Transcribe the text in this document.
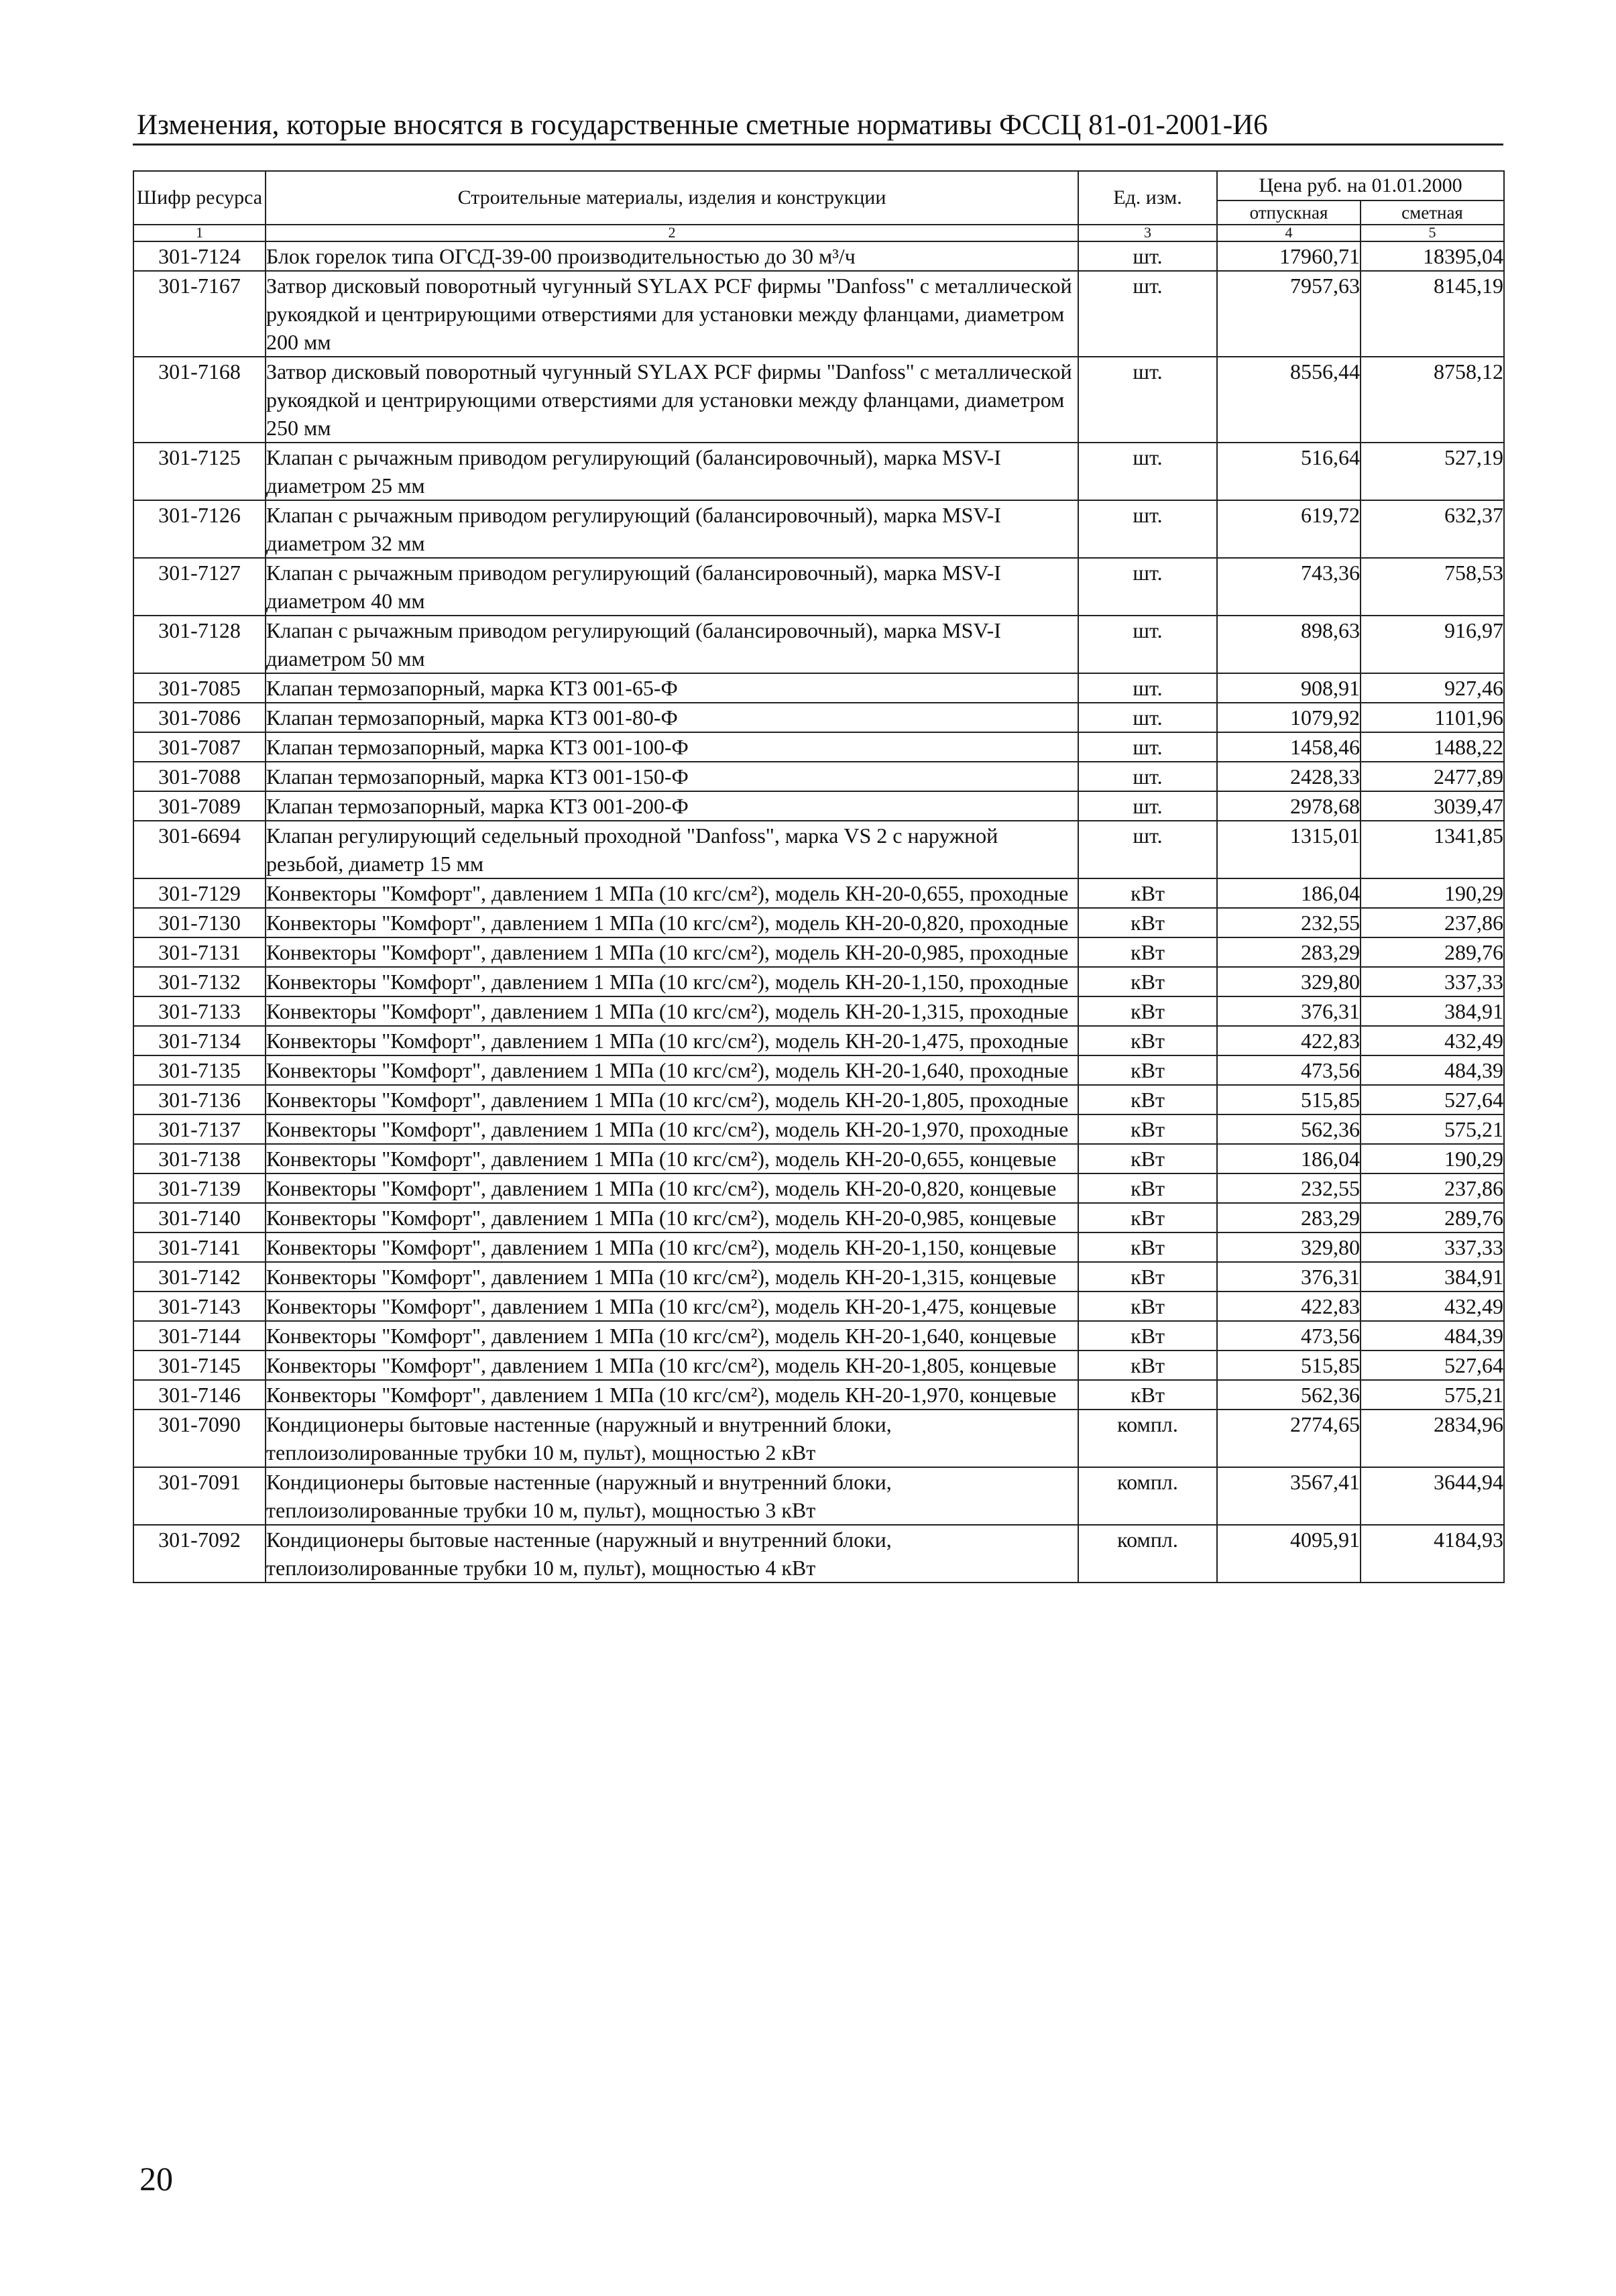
Изменения, которые вносятся в государственные сметные нормативы ФССЦ 81-01-2001-И6
Шифр ресурса	Строительные материалы, изделия и конструкции	Ед. изм.	Цена руб. на 01.01.2000	
			отпускная	сметная
1	2	3	4	5
301-7124	Блок горелок типа ОГСД-39-00 производительностью до 30 м³/ч	шт.	17960,71	18395,04
301-7167	Затвор дисковый поворотный чугунный SYLAX PCF фирмы "Danfoss" с металлической рукоядкой и центрирующими отверстиями для установки между фланцами, диаметром 200 мм	шт.	7957,63	8145,19
301-7168	Затвор дисковый поворотный чугунный SYLAX PCF фирмы "Danfoss" с металлической рукоядкой и центрирующими отверстиями для установки между фланцами, диаметром 250 мм	шт.	8556,44	8758,12
301-7125	Клапан с рычажным приводом регулирующий (балансировочный), марка MSV-I диаметром 25 мм	шт.	516,64	527,19
301-7126	Клапан с рычажным приводом регулирующий (балансировочный), марка MSV-I диаметром 32 мм	шт.	619,72	632,37
301-7127	Клапан с рычажным приводом регулирующий (балансировочный), марка MSV-I диаметром 40 мм	шт.	743,36	758,53
301-7128	Клапан с рычажным приводом регулирующий (балансировочный), марка MSV-I диаметром 50 мм	шт.	898,63	916,97
301-7085	Клапан термозапорный, марка КТЗ 001-65-Ф	шт.	908,91	927,46
301-7086	Клапан термозапорный, марка КТЗ 001-80-Ф	шт.	1079,92	1101,96
301-7087	Клапан термозапорный, марка КТЗ 001-100-Ф	шт.	1458,46	1488,22
301-7088	Клапан термозапорный, марка КТЗ 001-150-Ф	шт.	2428,33	2477,89
301-7089	Клапан термозапорный, марка КТЗ 001-200-Ф	шт.	2978,68	3039,47
301-6694	Клапан регулирующий седельный проходной "Danfoss", марка VS 2 с наружной резьбой, диаметр 15 мм	шт.	1315,01	1341,85
301-7129	Конвекторы "Комфорт", давлением 1 МПа (10 кгс/см²), модель КН-20-0,655, проходные	кВт	186,04	190,29
301-7130	Конвекторы "Комфорт", давлением 1 МПа (10 кгс/см²), модель КН-20-0,820, проходные	кВт	232,55	237,86
301-7131	Конвекторы "Комфорт", давлением 1 МПа (10 кгс/см²), модель КН-20-0,985, проходные	кВт	283,29	289,76
301-7132	Конвекторы "Комфорт", давлением 1 МПа (10 кгс/см²), модель КН-20-1,150, проходные	кВт	329,80	337,33
301-7133	Конвекторы "Комфорт", давлением 1 МПа (10 кгс/см²), модель КН-20-1,315, проходные	кВт	376,31	384,91
301-7134	Конвекторы "Комфорт", давлением 1 МПа (10 кгс/см²), модель КН-20-1,475, проходные	кВт	422,83	432,49
301-7135	Конвекторы "Комфорт", давлением 1 МПа (10 кгс/см²), модель КН-20-1,640, проходные	кВт	473,56	484,39
301-7136	Конвекторы "Комфорт", давлением 1 МПа (10 кгс/см²), модель КН-20-1,805, проходные	кВт	515,85	527,64
301-7137	Конвекторы "Комфорт", давлением 1 МПа (10 кгс/см²), модель КН-20-1,970, проходные	кВт	562,36	575,21
301-7138	Конвекторы "Комфорт", давлением 1 МПа (10 кгс/см²), модель КН-20-0,655, концевые	кВт	186,04	190,29
301-7139	Конвекторы "Комфорт", давлением 1 МПа (10 кгс/см²), модель КН-20-0,820, концевые	кВт	232,55	237,86
301-7140	Конвекторы "Комфорт", давлением 1 МПа (10 кгс/см²), модель КН-20-0,985, концевые	кВт	283,29	289,76
301-7141	Конвекторы "Комфорт", давлением 1 МПа (10 кгс/см²), модель КН-20-1,150, концевые	кВт	329,80	337,33
301-7142	Конвекторы "Комфорт", давлением 1 МПа (10 кгс/см²), модель КН-20-1,315, концевые	кВт	376,31	384,91
301-7143	Конвекторы "Комфорт", давлением 1 МПа (10 кгс/см²), модель КН-20-1,475, концевые	кВт	422,83	432,49
301-7144	Конвекторы "Комфорт", давлением 1 МПа (10 кгс/см²), модель КН-20-1,640, концевые	кВт	473,56	484,39
301-7145	Конвекторы "Комфорт", давлением 1 МПа (10 кгс/см²), модель КН-20-1,805, концевые	кВт	515,85	527,64
301-7146	Конвекторы "Комфорт", давлением 1 МПа (10 кгс/см²), модель КН-20-1,970, концевые	кВт	562,36	575,21
301-7090	Кондиционеры бытовые настенные (наружный и внутренний блоки, теплоизолированные трубки 10 м, пульт), мощностью 2 кВт	компл.	2774,65	2834,96
301-7091	Кондиционеры бытовые настенные (наружный и внутренний блоки, теплоизолированные трубки 10 м, пульт), мощностью 3 кВт	компл.	3567,41	3644,94
301-7092	Кондиционеры бытовые настенные (наружный и внутренний блоки, теплоизолированные трубки 10 м, пульт), мощностью 4 кВт	компл.	4095,91	4184,93
20
